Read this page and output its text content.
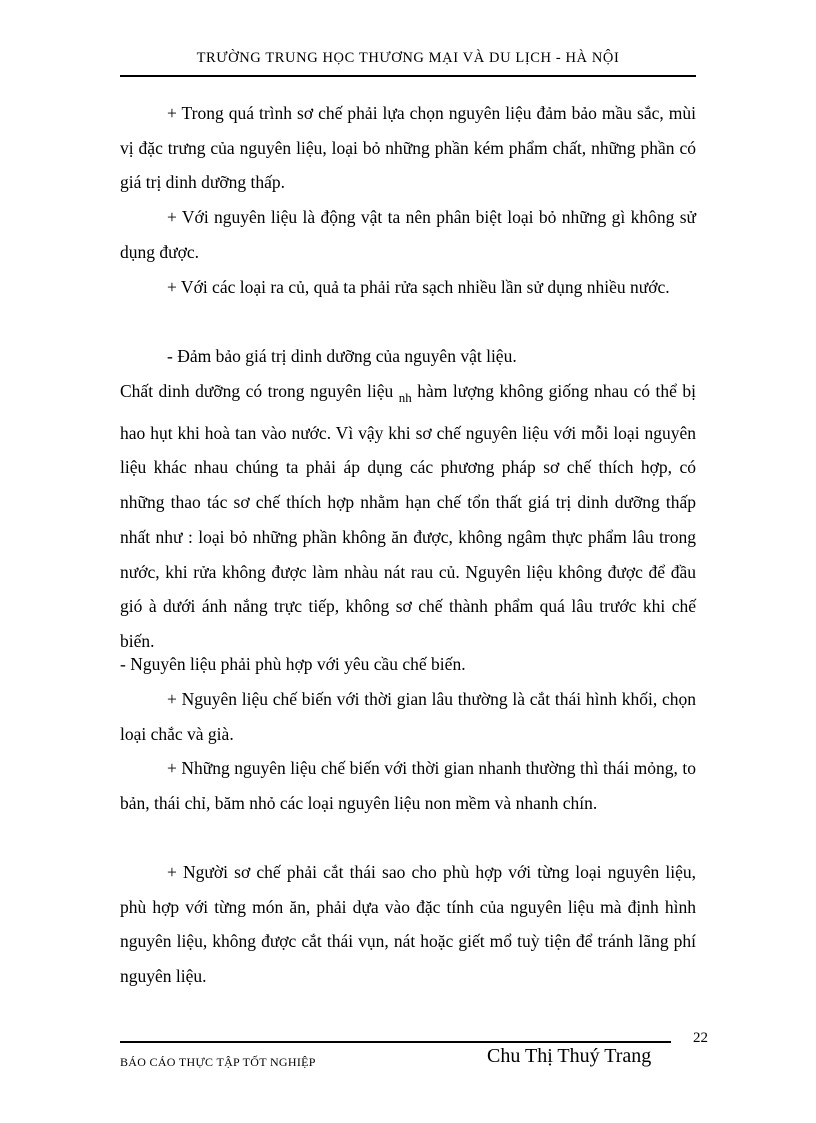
TRƯỜNG TRUNG HỌC THƯƠNG MẠI VÀ DU LỊCH - HÀ NỘI

+ Trong quá trình sơ chế phải lựa chọn nguyên liệu đảm bảo mầu sắc, mùi vị đặc trưng của nguyên liệu, loại bỏ những phần kém phẩm chất, những phần có giá trị dinh dưỡng thấp.

+ Với nguyên liệu là động vật ta nên phân biệt loại bỏ những gì không sử dụng được.

+ Với các loại ra củ, quả ta phải rửa sạch nhiều lần sử dụng nhiều nước.

- Đảm bảo giá trị dinh dưỡng của nguyên vật liệu.

Chất dinh dưỡng có trong nguyên liệu $_{nh}$ hàm lượng không giống nhau có thể bị hao hụt khi hoà tan vào nước. Vì vậy khi sơ chế nguyên liệu với mỗi loại nguyên liệu khác nhau chúng ta phải áp dụng các phương pháp sơ chế thích hợp, có những thao tác sơ chế thích hợp nhằm hạn chế tổn thất giá trị dinh dưỡng thấp nhất như : loại bỏ những phần không ăn được, không ngâm thực phẩm lâu trong nước, khi rửa không được làm nhàu nát rau củ. Nguyên liệu không được để đầu gió à dưới ánh nắng trực tiếp, không sơ chế thành phẩm quá lâu trước khi chế biến.

- Nguyên liệu phải phù hợp với yêu cầu chế biến.

+ Nguyên liệu chế biến với thời gian lâu thường là cắt thái hình khối, chọn loại chắc và già.

+ Những nguyên liệu chế biến với thời gian nhanh thường thì thái mỏng, to bản, thái chỉ, băm nhỏ các loại nguyên liệu non mềm và nhanh chín.

+ Người sơ chế phải cắt thái sao cho phù hợp với từng loại nguyên liệu, phù hợp với từng món ăn, phải dựa vào đặc tính của nguyên liệu mà định hình nguyên liệu, không được cắt thái vụn, nát hoặc giết mổ tuỳ tiện để tránh lãng phí nguyên liệu.

22
BÁO CÁO THỰC TẬP TỐT NGHIỆP	Chu Thị Thuý Trang
